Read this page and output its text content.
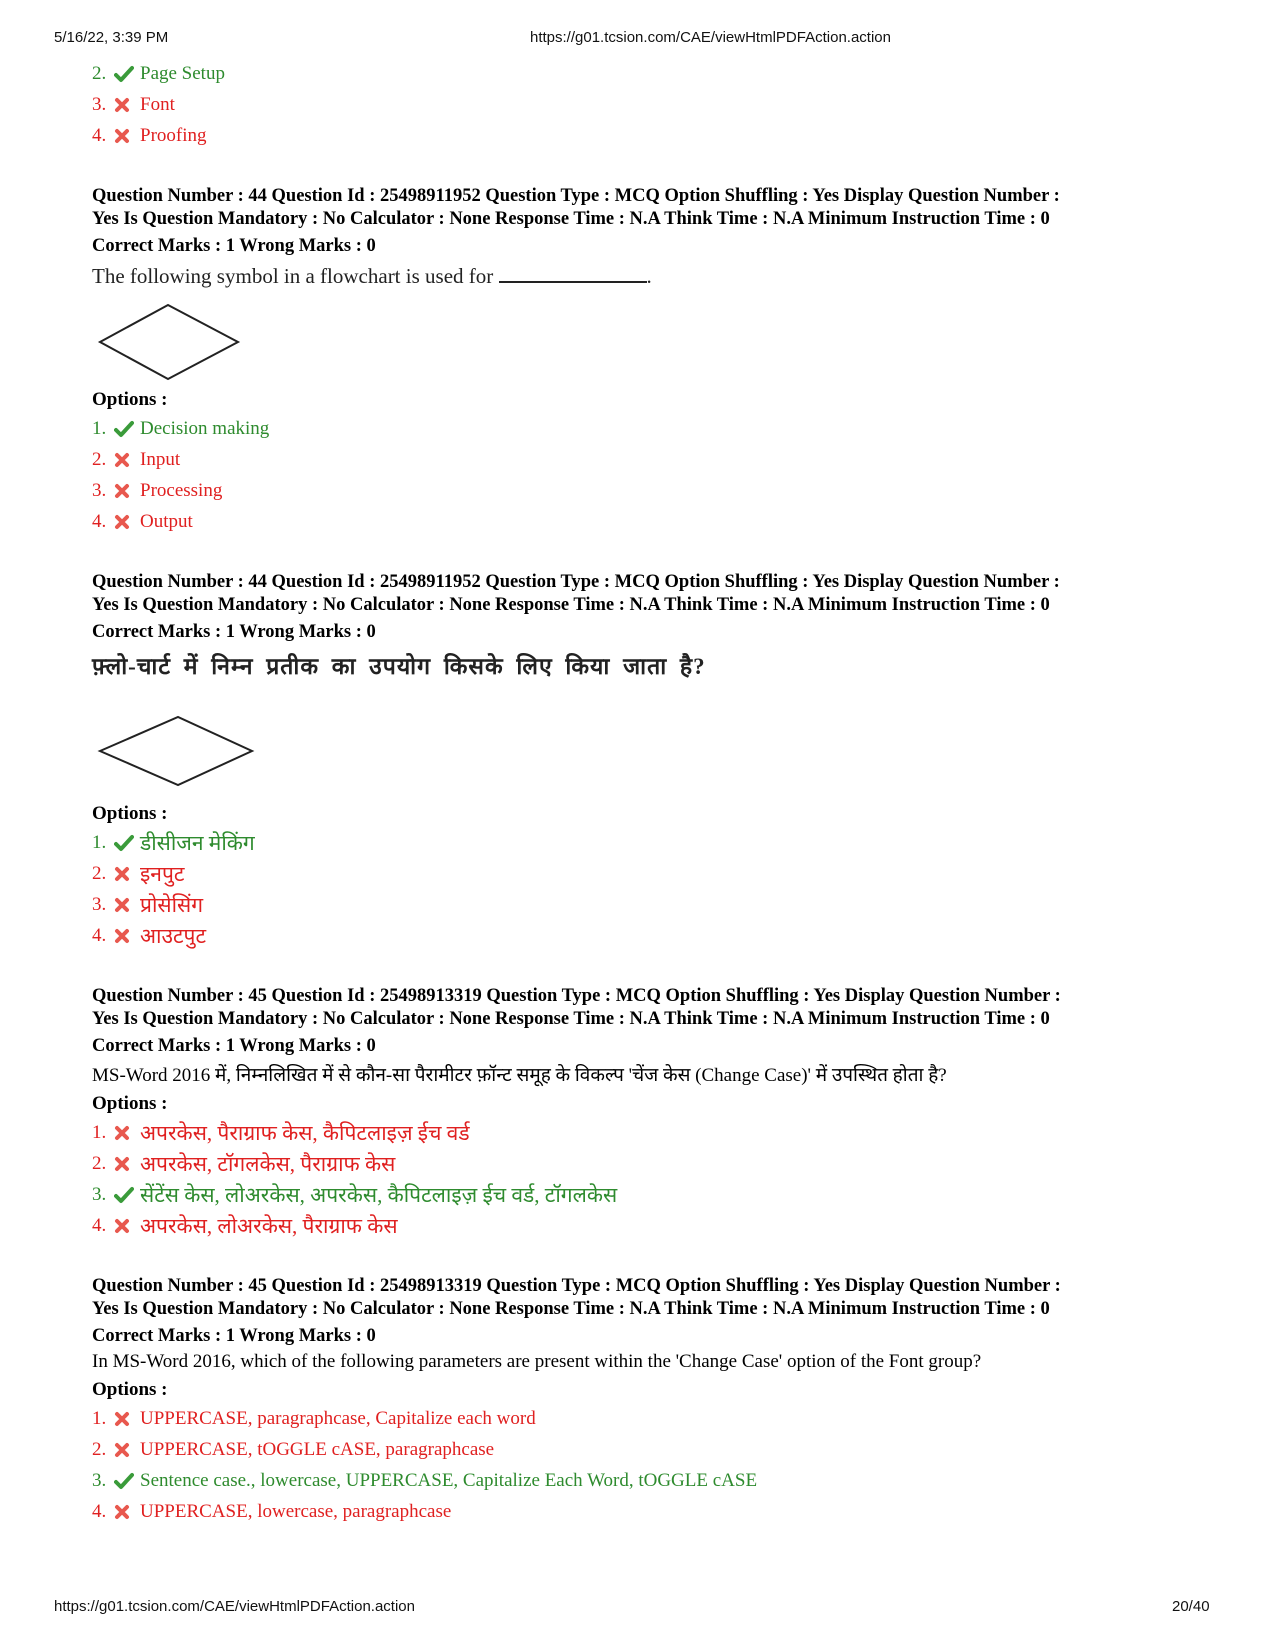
5/16/22, 3:39 PM	https://g01.tcsion.com/CAE/viewHtmlPDFAction.action
2.	Page Setup
3.	Font
4.	Proofing
Question Number : 44 Question Id : 25498911952 Question Type : MCQ Option Shuffling : Yes Display Question Number :
Yes Is Question Mandatory : No Calculator : None Response Time : N.A Think Time : N.A Minimum Instruction Time : 0
Correct Marks : 1 Wrong Marks : 0
The following symbol in a flowchart is used for	.
Options :
1.	Decision making
2.	Input
3.	Processing
4.	Output
Question Number : 44 Question Id : 25498911952 Question Type : MCQ Option Shuffling : Yes Display Question Number :
Yes Is Question Mandatory : No Calculator : None Response Time : N.A Think Time : N.A Minimum Instruction Time : 0
Correct Marks : 1 Wrong Marks : 0
फ़्लो-चार्ट में निम्न प्रतीक का उपयोग किसके लिए किया जाता है?
Options :
1.	डीसीजन मेकिंग
2.	इनपुट
3.	प्रोसेसिंग
4.	आउटपुट
Question Number : 45 Question Id : 25498913319 Question Type : MCQ Option Shuffling : Yes Display Question Number :
Yes Is Question Mandatory : No Calculator : None Response Time : N.A Think Time : N.A Minimum Instruction Time : 0
Correct Marks : 1 Wrong Marks : 0
MS-Word 2016 में, निम्नलिखित में से कौन-सा पैरामीटर फ़ॉन्ट समूह के विकल्प 'चेंज केस (Change Case)' में उपस्थित होता है?
Options :
1.	अपरकेस, पैराग्राफ केस, कैपिटलाइज़ ईच वर्ड
2.	अपरकेस, टॉगलकेस, पैराग्राफ केस
3.	सेंटेंस केस, लोअरकेस, अपरकेस, कैपिटलाइज़ ईच वर्ड, टॉगलकेस
4.	अपरकेस, लोअरकेस, पैराग्राफ केस
Question Number : 45 Question Id : 25498913319 Question Type : MCQ Option Shuffling : Yes Display Question Number :
Yes Is Question Mandatory : No Calculator : None Response Time : N.A Think Time : N.A Minimum Instruction Time : 0
Correct Marks : 1 Wrong Marks : 0
In MS-Word 2016, which of the following parameters are present within the 'Change Case' option of the Font group?
Options :
1.	UPPERCASE, paragraphcase, Capitalize each word
2.	UPPERCASE, tOGGLE cASE, paragraphcase
3.	Sentence case., lowercase, UPPERCASE, Capitalize Each Word, tOGGLE cASE
4.	UPPERCASE, lowercase, paragraphcase
https://g01.tcsion.com/CAE/viewHtmlPDFAction.action	20/40
